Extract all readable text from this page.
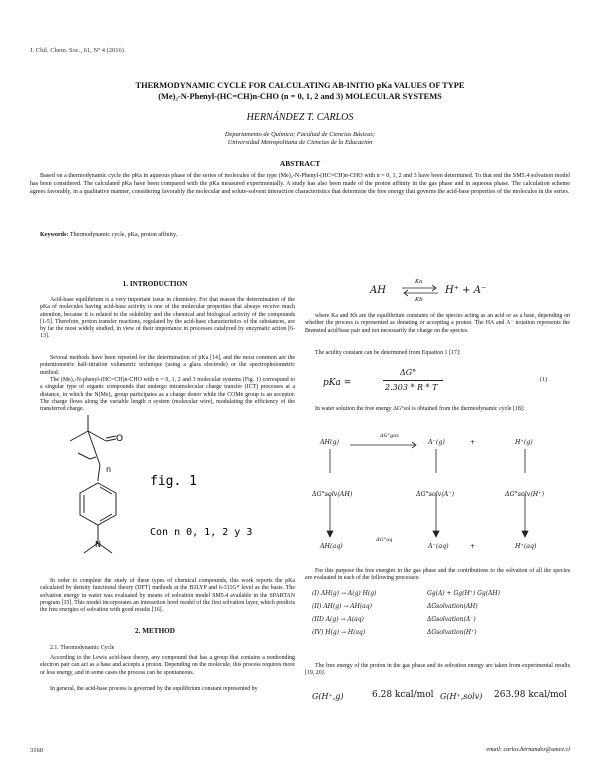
J. Chil. Chem. Soc., 61, Nº 4 (2016)
THERMODYNAMIC CYCLE FOR CALCULATING AB-INITIO pKa VALUES OF TYPE
(Me)₂-N-Phenyl-(HC=CH)n-CHO (n = 0, 1, 2 and 3) MOLECULAR SYSTEMS
HERNÁNDEZ T. CARLOS
Departamento de Química; Facultad de Ciencias Básicas;
Universidad Metropolitana de Ciencias de la Educación
ABSTRACT
Based on a thermodynamic cycle the pKa in aqueous phase of the series of molecules of the type (Me)₂-N-Phenyl-(HC=CH)n-CHO with n = 0, 1, 2 and 3 have been determined. To that end the SM5.4 solvation model has been considered. The calculated pKa have been compared with the pKa measured experimentally. A study has also been made of the proton affinity in the gas phase and in aqueous phase. The calculation scheme agrees favorably, in a qualitative manner, considering favorably the molecular and solute-solvent interaction characteristics that determine the free energy that governs the acid-base properties of the molecules in the series.
Keywords: Thermodynamic cycle, pKa, proton affinity.
1. INTRODUCTION
Acid-base equilibrium is a very important issue in chemistry. For that reason the determination of the pKa of molecules having acid-base activity is one of the molecular properties that always receive much attention, because it is related to the solubility and the chemical and biological activity of the compounds [1-5]. Therefore, proton transfer reactions, regulated by the acid-base characteristics of the substances, are by far the most widely studied, in view of their importance in processes catalyzed by enzymatic action [6-13].
Several methods have been reported for the determination of pKa [14], and the most common are the potentiometric half-titration volumetric technique (using a glass electrode) or the spectrophotometric method.
The (Me)₂-N-phenyl-(HC=CH)n-CHO with n = 0, 1, 2 and 3 molecular systems (Fig. 1) correspond to a singular type of organic compounds that undergo intramolecular charge transfer (ICT) processes at a distance, in which the N(Me)₂ group participates as a charge donor while the COMe group is an acceptor. The charge flows along the variable length π system (molecular wire), modulating the efficiency of the transferred charge.
O
n
N
fig. 1
Con n 0, 1, 2 y 3
In order to complete the study of these types of chemical compounds, this work reports the pKa calculated by density functional theory (DFT) methods at the B3LYP and 6-311G* level as the basis. The solvation energy in water was evaluated by means of solvation model SM5.4 available in the SPARTAN program [15]. This model incorporates an interaction level model of the first solvation layer, which predicts the free energies of solvation with good results [16].
2. METHOD
2.1. Thermodynamic Cycle
According to the Lewis acid-base theory, any compound that has a group that contains a nonbonding electron pair can act as a base and accepts a proton. Depending on the molecule, this process requires more or less energy, and in some cases the process can be spontaneous.
In general, the acid-base process is governed by the equilibrium constant represented by
AH
Ka
Kb
H⁺ + A⁻
where Ka and Kb are the equilibrium constants of the species acting as an acid or as a base, depending on whether the process is represented as donating or accepting a proton. The HA and A⁻ notation represents the Brønsted acid/base pair and not necessarily the charge on the species.
The acidity constant can be determined from Equation 1 [17]:
pKa =
ΔG°
2.303 * R * T
(1)
In water solution the free energy ΔG°sol is obtained from the thermodynamic cycle [18]:
AH(g)
ΔG°gas
A⁻(g)	+	H⁺(g)
ΔG°solv(AH)	ΔG°solv(A⁻)	ΔG°solv(H⁺)
AH(aq)
ΔG°aq
A⁻(aq)	+	H⁺(aq)
For this purpose the free energies in the gas phase and the contributions to the solvation of all the species are evaluated in each of the following processes:
(I) AH(g) → A(g) H(g)	Gg(A) + Gg(H⁺) Gg(AH)
(II) AH(g) → AH(aq)	ΔGsolvation(AH)
(III) A(g) → A(aq)	ΔGsolvation(A⁻)
(IV) H(g) → H(aq)	ΔGsolvation(H⁺)
The free energy of the proton in the gas phase and its solvation energy are taken from experimental results [19, 20].
G(H⁺,g)	6.28 kcal/mol G(H⁺,solv) 263.98 kcal/mol
3160	email: carlos.hernandez@umce.cl
